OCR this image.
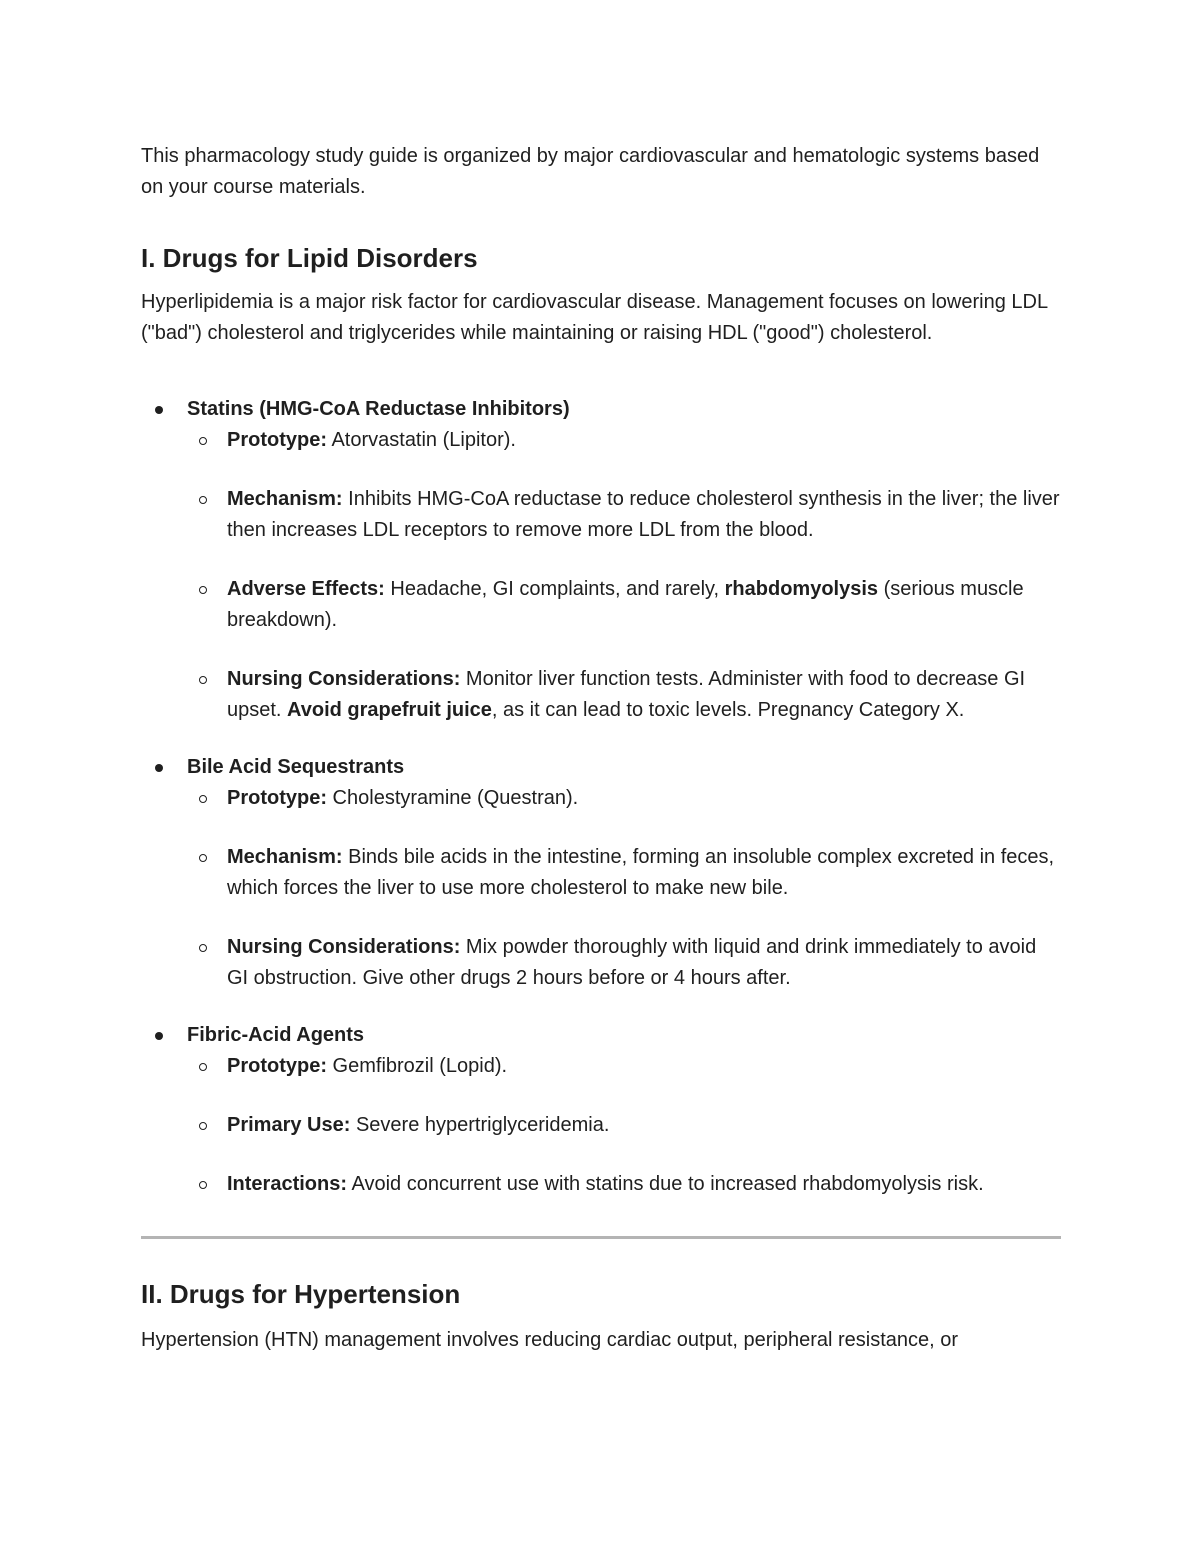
This pharmacology study guide is organized by major cardiovascular and hematologic systems based on your course materials.

I. Drugs for Lipid Disorders

Hyperlipidemia is a major risk factor for cardiovascular disease. Management focuses on lowering LDL ("bad") cholesterol and triglycerides while maintaining or raising HDL ("good") cholesterol.

Statins (HMG-CoA Reductase Inhibitors)
Prototype: Atorvastatin (Lipitor).
Mechanism: Inhibits HMG-CoA reductase to reduce cholesterol synthesis in the liver; the liver then increases LDL receptors to remove more LDL from the blood.
Adverse Effects: Headache, GI complaints, and rarely, rhabdomyolysis (serious muscle breakdown).
Nursing Considerations: Monitor liver function tests. Administer with food to decrease GI upset. Avoid grapefruit juice, as it can lead to toxic levels. Pregnancy Category X.
Bile Acid Sequestrants
Prototype: Cholestyramine (Questran).
Mechanism: Binds bile acids in the intestine, forming an insoluble complex excreted in feces, which forces the liver to use more cholesterol to make new bile.
Nursing Considerations: Mix powder thoroughly with liquid and drink immediately to avoid GI obstruction. Give other drugs 2 hours before or 4 hours after.
Fibric-Acid Agents
Prototype: Gemfibrozil (Lopid).
Primary Use: Severe hypertriglyceridemia.
Interactions: Avoid concurrent use with statins due to increased rhabdomyolysis risk.
II. Drugs for Hypertension

Hypertension (HTN) management involves reducing cardiac output, peripheral resistance, or
